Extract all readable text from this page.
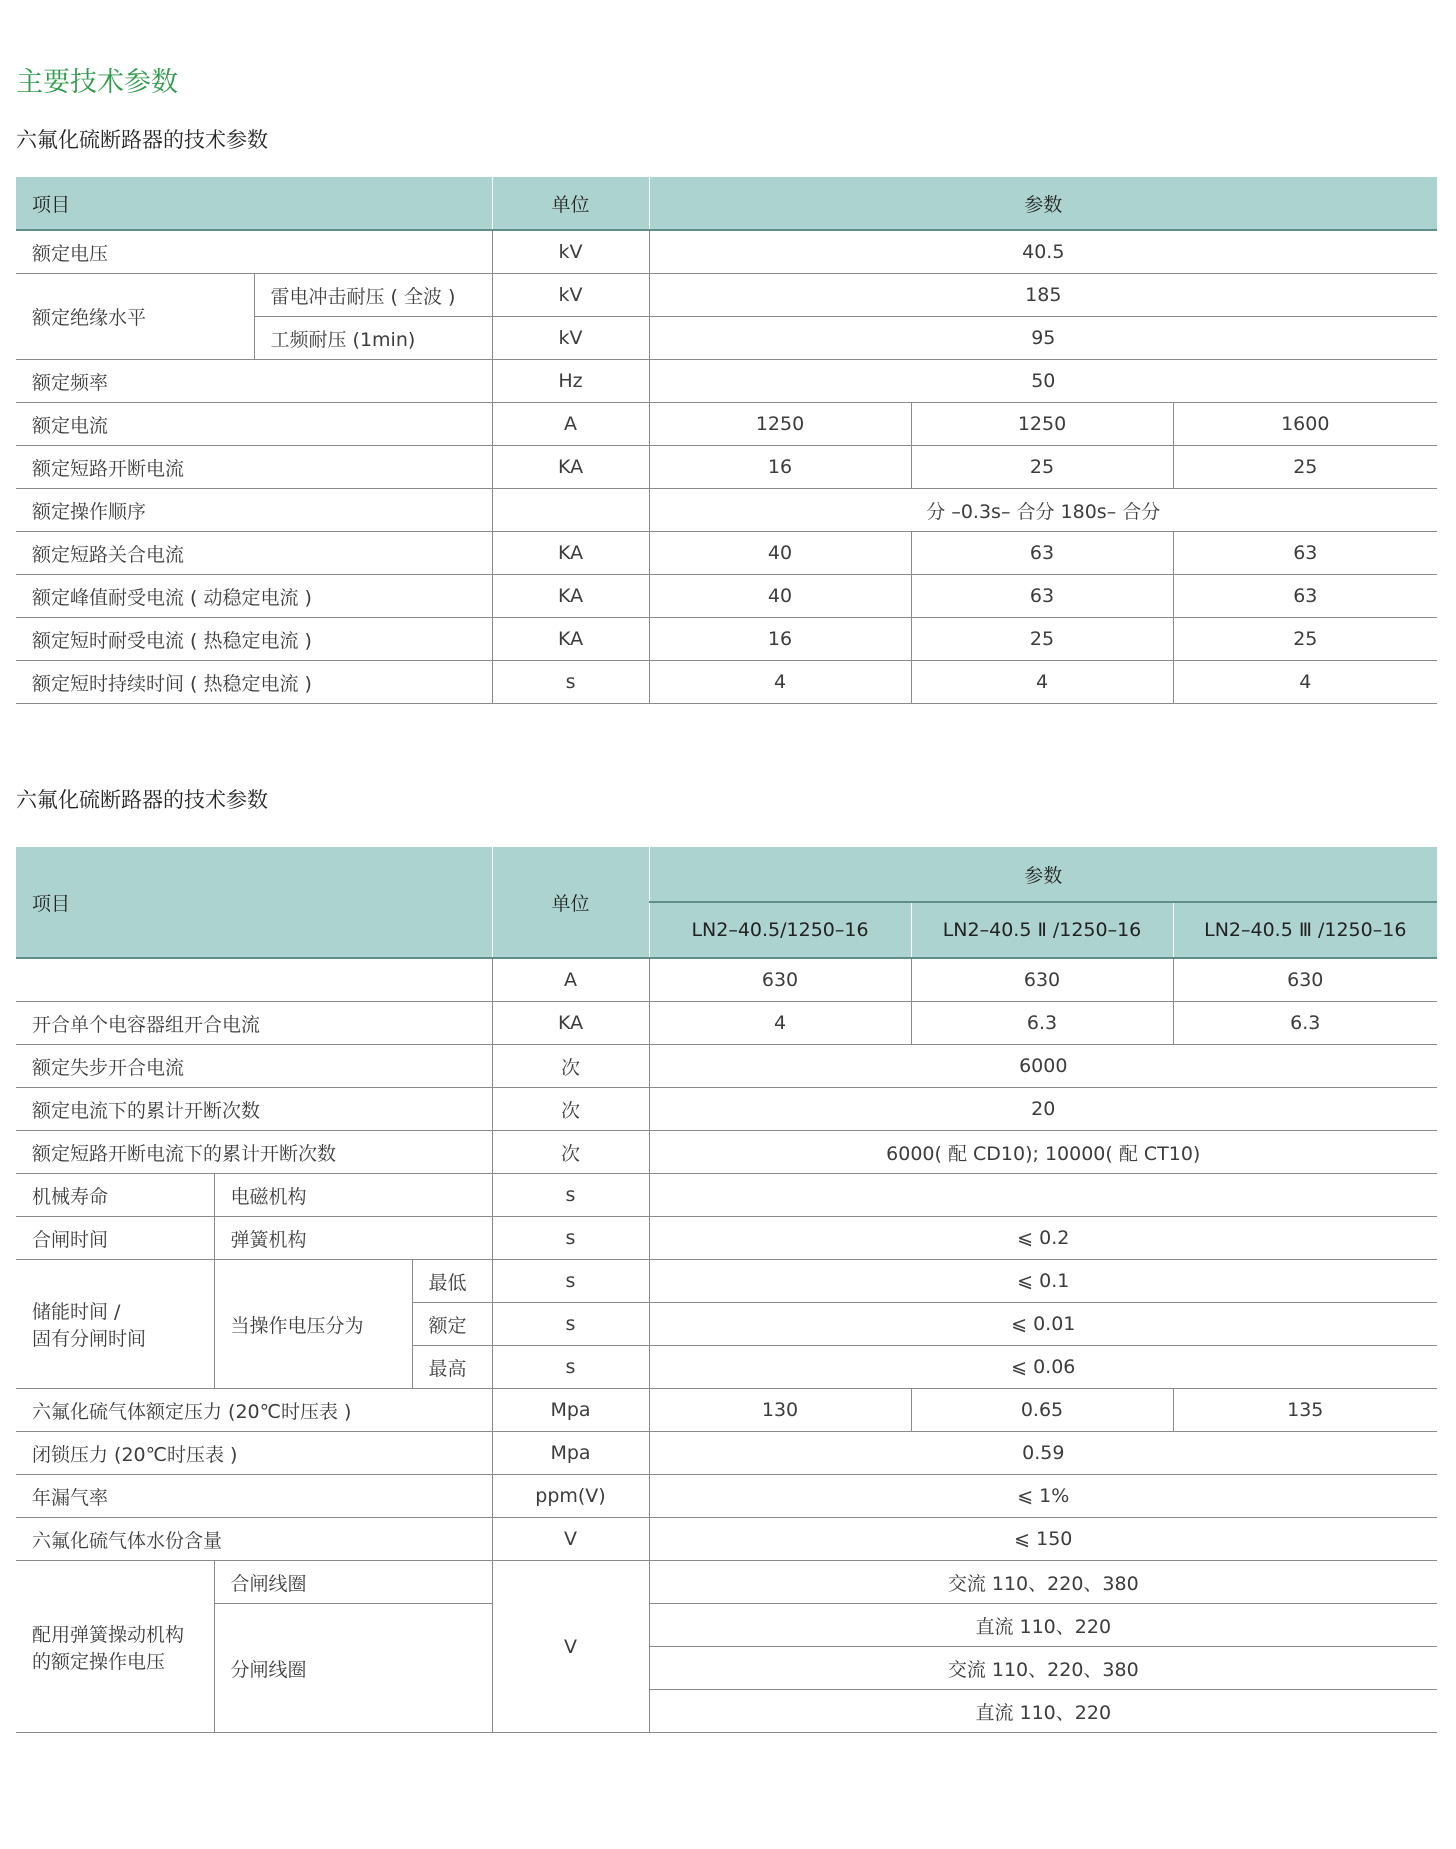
主要技术参数
六氟化硫断路器的技术参数
项目		单位	参数		
额定电压		kV	40.5		
额定绝缘水平	雷电冲击耐压 ( 全波 )	kV	185		
	工频耐压 (1min)	kV	95		
额定频率		Hz	50		
额定电流		A	1250	1250	1600
额定短路开断电流		KA	16	25	25
额定操作顺序			分 –0.3s– 合分 180s– 合分		
额定短路关合电流		KA	40	63	63
额定峰值耐受电流 ( 动稳定电流 )		KA	40	63	63
额定短时耐受电流 ( 热稳定电流 )		KA	16	25	25
额定短时持续时间 ( 热稳定电流 )		s	4	4	4
六氟化硫断路器的技术参数
项目			单位	参数		
				LN2–40.5/1250–16	LN2–40.5 Ⅱ /1250–16	LN2–40.5 Ⅲ /1250–16
			A	630	630	630
开合单个电容器组开合电流			KA	4	6.3	6.3
额定失步开合电流			次	6000		
额定电流下的累计开断次数			次	20		
额定短路开断电流下的累计开断次数			次	6000( 配 CD10); 10000( 配 CT10)		
机械寿命	电磁机构		s			
合闸时间	弹簧机构		s	⩽ 0.2		

储能时间 /
固有分闸时间	当操作电压分为	最低	s	⩽ 0.1		
		额定	s	⩽ 0.01		
		最高	s	⩽ 0.06		
六氟化硫气体额定压力 (20℃时压表 )			Mpa	130	0.65	135
闭锁压力 (20℃时压表 )			Mpa	0.59		
年漏气率			ppm(V)	⩽ 1%		
六氟化硫气体水份含量			V	⩽ 150		

配用弹簧操动机构
的额定操作电压	合闸线圈		V	交流 110、220、380		
	分闸线圈			直流 110、220		
				交流 110、220、380		
				直流 110、220		
